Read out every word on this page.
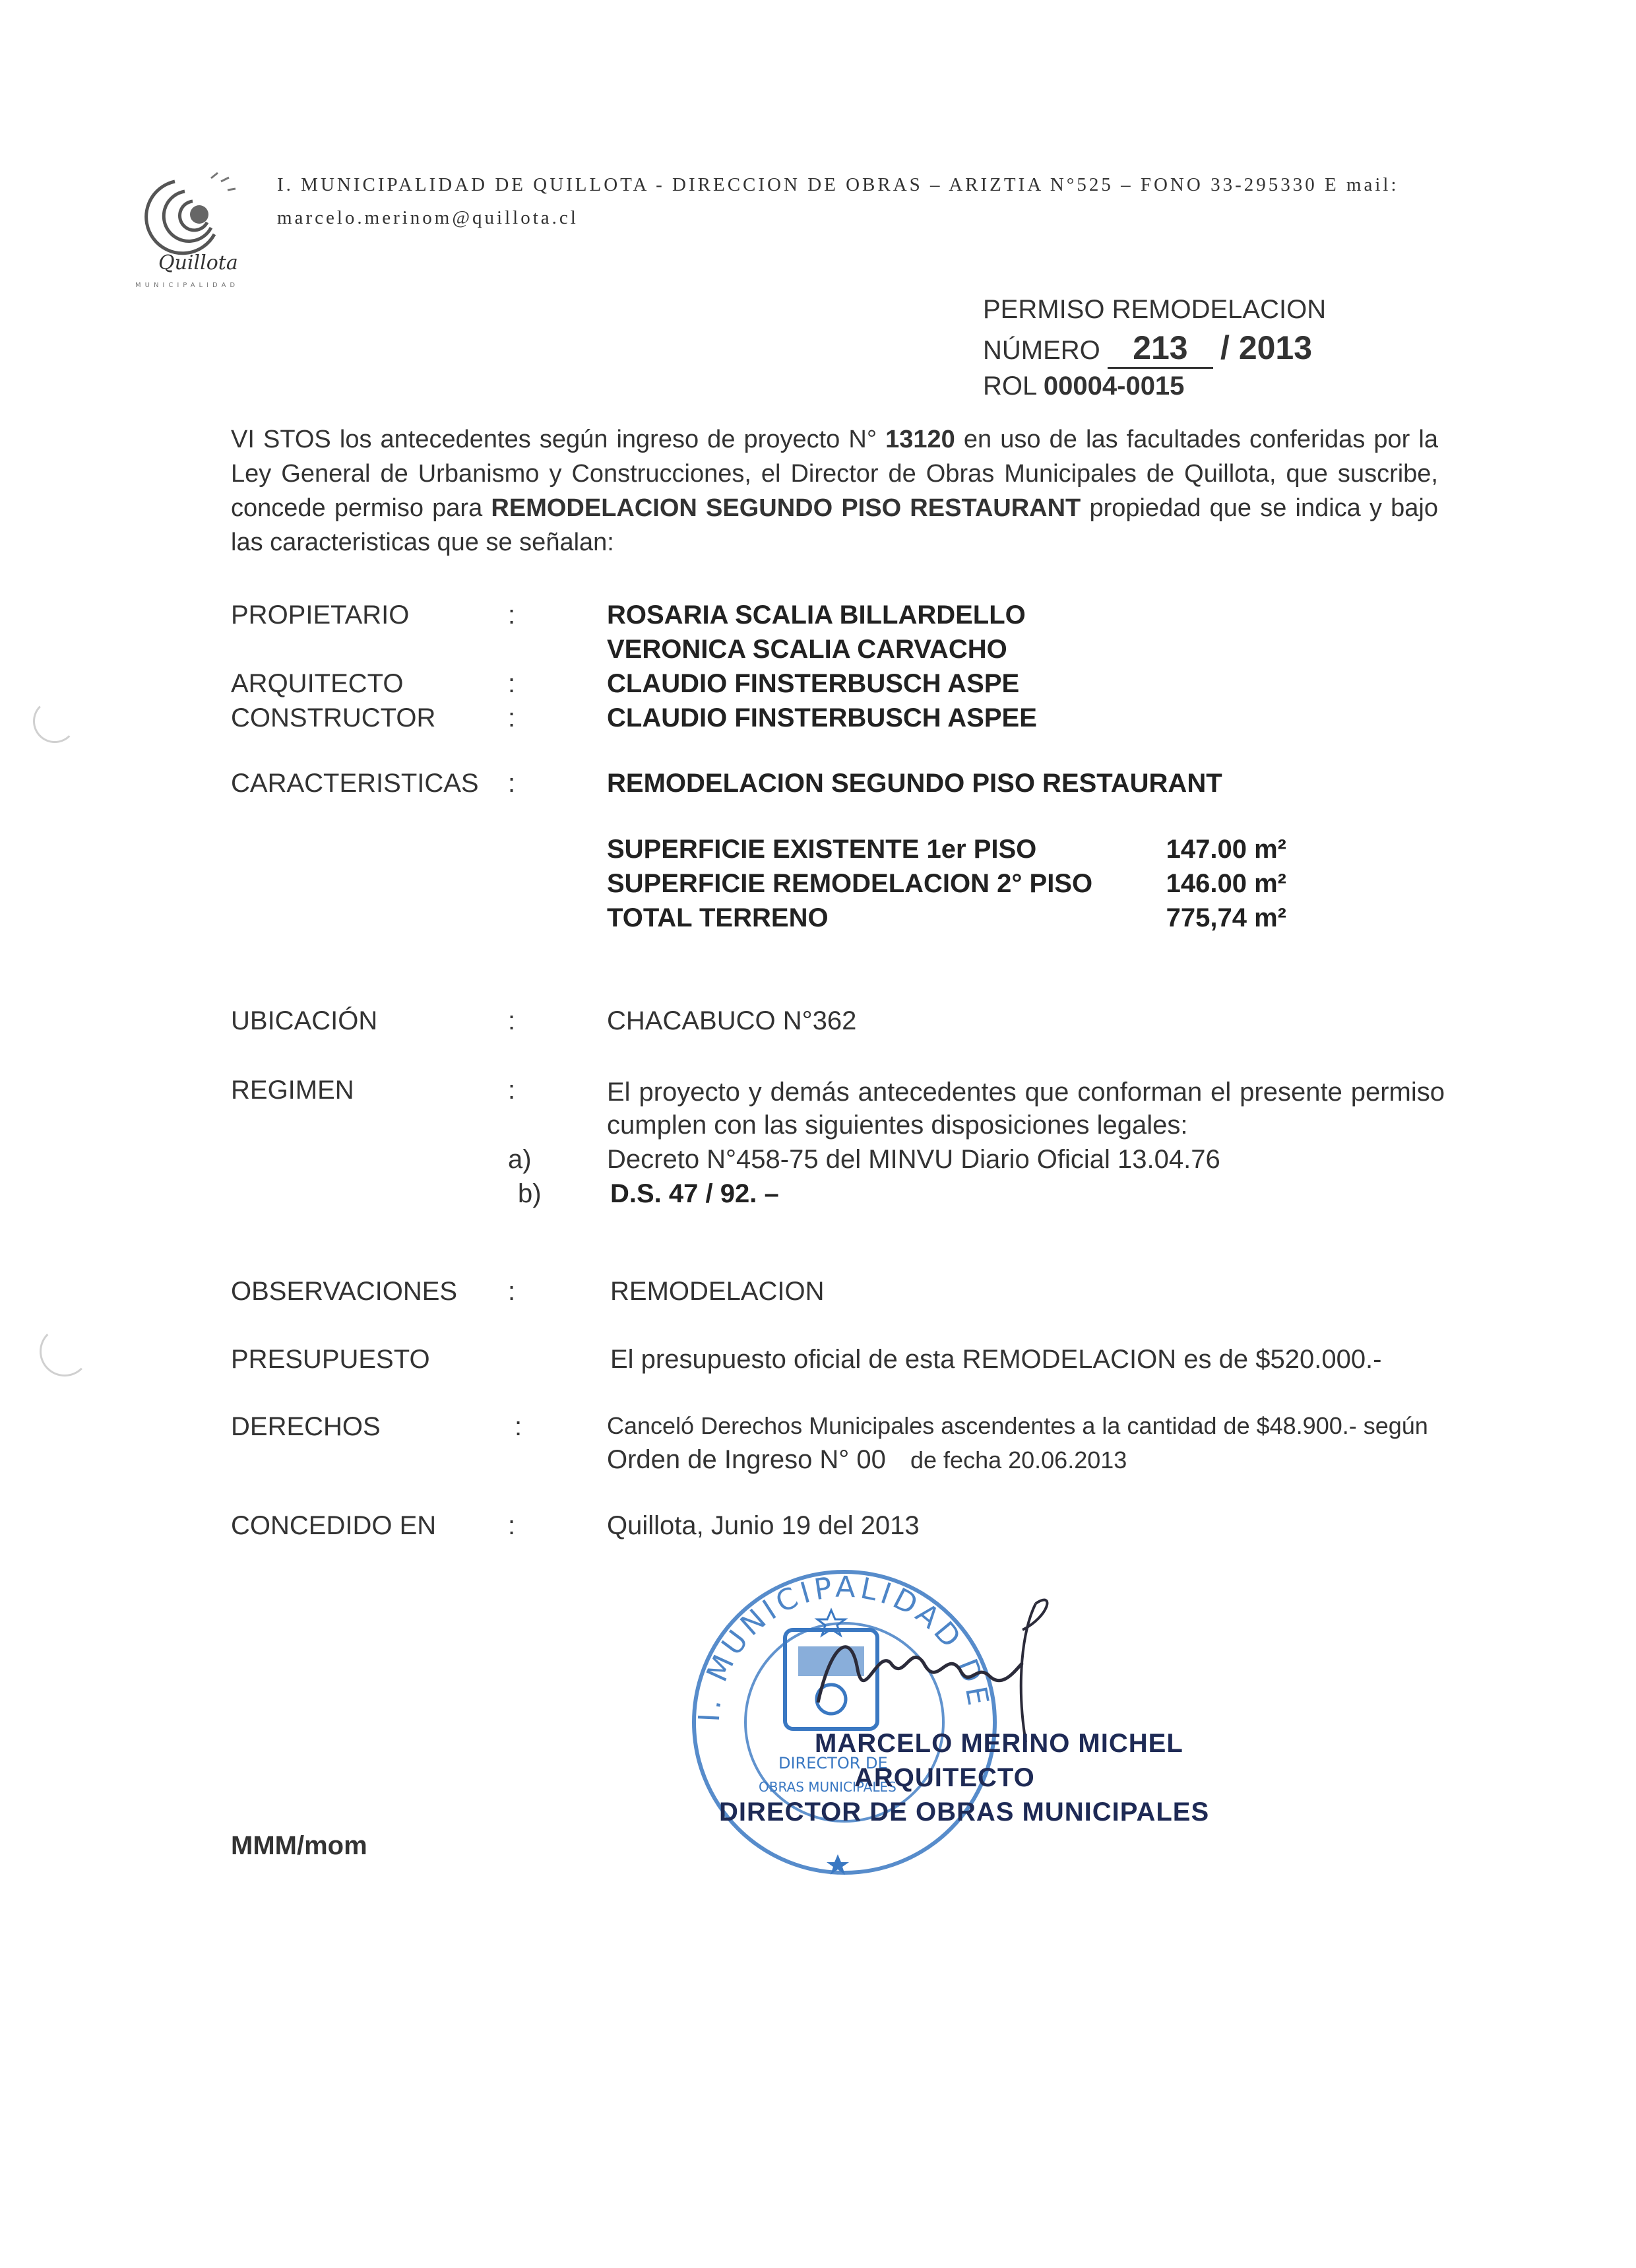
Quillota
MUNICIPALIDAD
I. MUNICIPALIDAD DE QUILLOTA - DIRECCION DE OBRAS – ARIZTIA N°525 – FONO 33-295330 E mail:
marcelo.merinom@quillota.cl
PERMISO REMODELACION
NÚMERO 213 / 2013
ROL 00004-0015
VI STOS los antecedentes según ingreso de proyecto N° 13120 en uso de las facultades conferidas por la Ley General de Urbanismo y Construcciones, el Director de Obras Municipales de Quillota, que suscribe, concede permiso para REMODELACION SEGUNDO PISO RESTAURANT propiedad que se indica y bajo las caracteristicas que se señalan:
PROPIETARIO	:	ROSARIA SCALIA BILLARDELLO
VERONICA SCALIA CARVACHO
ARQUITECTO	:	CLAUDIO FINSTERBUSCH ASPE
CONSTRUCTOR	:	CLAUDIO FINSTERBUSCH ASPEE
CARACTERISTICAS :	REMODELACION SEGUNDO PISO RESTAURANT
SUPERFICIE EXISTENTE 1er PISO	147.00 m²
SUPERFICIE REMODELACION 2° PISO	146.00 m²
TOTAL TERRENO	775,74 m²
UBICACIÓN	:	CHACABUCO N°362
REGIMEN	:	El proyecto y demás antecedentes que conforman el presente permiso cumplen con las siguientes disposiciones legales:
a)	Decreto N°458-75 del MINVU Diario Oficial 13.04.76
b)	D.S. 47 / 92. –
OBSERVACIONES :	REMODELACION
PRESUPUESTO	El presupuesto oficial de esta REMODELACION es de $520.000.-
DERECHOS	:	Canceló Derechos Municipales ascendentes a la cantidad de $48.900.- según
Orden de Ingreso N° 00 de fecha 20.06.2013
CONCEDIDO EN	:	Quillota, Junio 19 del 2013
I. MUNICIPALIDAD DE
DIRECTOR DE
OBRAS MUNICIPALES
MARCELO MERINO MICHEL
ARQUITECTO
DIRECTOR DE OBRAS MUNICIPALES
MMM/mom
